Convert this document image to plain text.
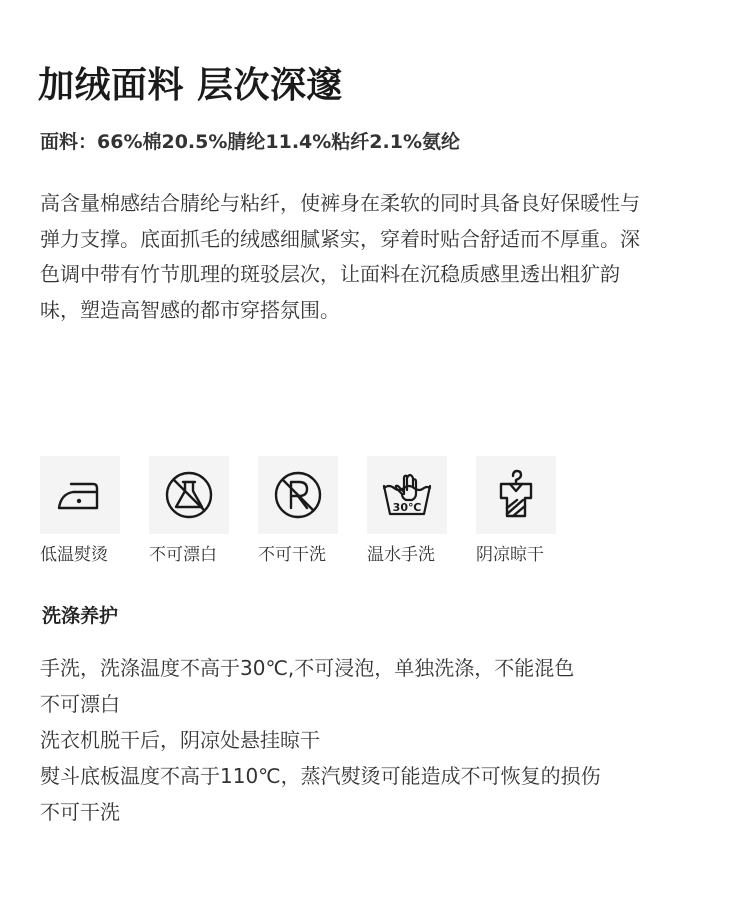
加绒面料 层次深邃
面料：66%棉20.5%腈纶11.4%粘纤2.1%氨纶

高含量棉感结合腈纶与粘纤，使裤身在柔软的同时具备良好保暖性与

弹力支撑。底面抓毛的绒感细腻紧实，穿着时贴合舒适而不厚重。深

色调中带有竹节肌理的斑驳层次，让面料在沉稳质感里透出粗犷韵

味，塑造高智感的都市穿搭氛围。

低温熨烫 不可漂白 不可干洗
30℃
温水手洗 阴凉晾干
洗涤养护
手洗，洗涤温度不高于30℃,不可浸泡，单独洗涤，不能混色
不可漂白
洗衣机脱干后，阴凉处悬挂晾干
熨斗底板温度不高于110℃，蒸汽熨烫可能造成不可恢复的损伤
不可干洗
